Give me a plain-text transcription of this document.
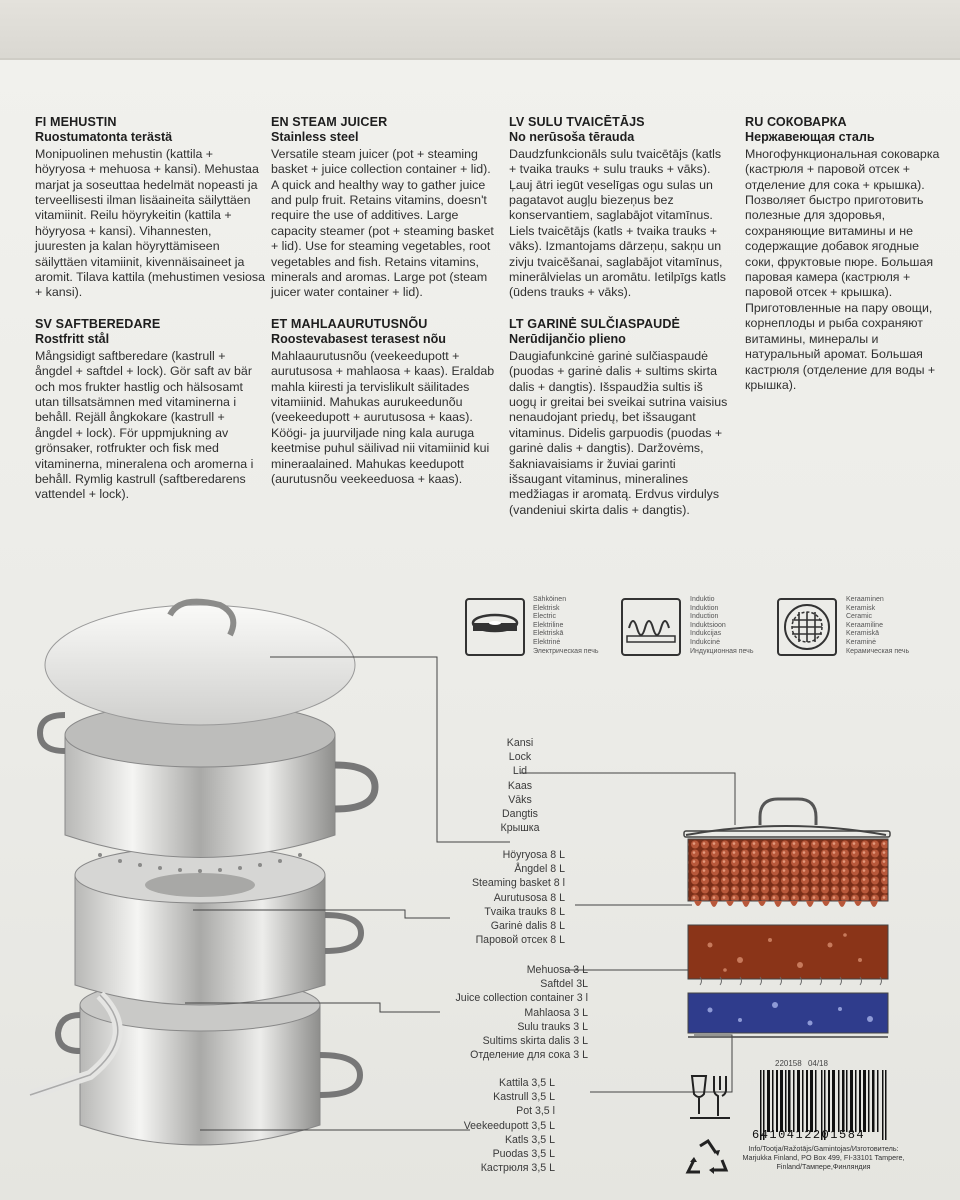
FI MEHUSTIN
Ruostumatonta terästä

Monipuolinen mehustin (kattila + höyryosa + mehuosa + kansi). Mehustaa marjat ja soseuttaa hedelmät nopeasti ja terveellisesti ilman lisäaineita säilyttäen vitamiinit. Reilu höyrykeitin (kattila + höyryosa + kansi). Vihannesten, juuresten ja kalan höyryttämiseen säilyttäen vitamiinit, kivennäisaineet ja aromit. Tilava kattila (mehustimen vesiosa + kansi).

SV SAFTBEREDARE
Rostfritt stål

Mångsidigt saftberedare (kastrull + ångdel + saftdel + lock). Gör saft av bär och mos frukter hastlig och hälsosamt utan tillsatsämnen med vitaminerna i behåll. Rejäll ångkokare (kastrull + ångdel + lock). För uppmjukning av grönsaker, rotfrukter och fisk med vitaminerna, mineralena och aromerna i behåll. Rymlig kastrull (saftberedarens vattendel + lock).

EN STEAM JUICER
Stainless steel

Versatile steam juicer (pot + steaming basket + juice collection container + lid). A quick and healthy way to gather juice and pulp fruit. Retains vitamins, doesn't require the use of additives. Large capacity steamer (pot + steaming basket + lid). Use for steaming vegetables, root vegetables and fish. Retains vitamins, minerals and aromas. Large pot (steam juicer water container + lid).

ET MAHLAAURUTUSNÕU
Roostevabasest terasest nõu

Mahlaaurutusnõu (veekeedupott + aurutusosa + mahlaosa + kaas). Eraldab mahla kiiresti ja tervislikult säilitades vitamiinid. Mahukas aurukeedunõu (veekeedupott + aurutusosa + kaas). Köögi- ja juurviljade ning kala auruga keetmise puhul säilivad nii vitamiinid kui mineraalained. Mahukas keedupott (aurutusnõu veekeeduosa + kaas).

LV SULU TVAICĒTĀJS
No nerūsoša tērauda

Daudzfunkcionāls sulu tvaicētājs (katls + tvaika trauks + sulu trauks + vāks). Ļauj ātri iegūt veselīgas ogu sulas un pagatavot augļu biezeņus bez konservantiem, saglabājot vitamīnus. Liels tvaicētājs (katls + tvaika trauks + vāks). Izmantojams dārzeņu, sakņu un zivju tvaicēšanai, saglabājot vitamīnus, minerālvielas un aromātu. Ietilpīgs katls (ūdens trauks + vāks).

LT GARINĖ SULČIASPAUDĖ
Nerūdijančio plieno

Daugiafunkcinė garinė sulčiaspaudė (puodas + garinė dalis + sultims skirta dalis + dangtis). Išspaudžia sultis iš uogų ir greitai bei sveikai sutrina vaisius nenaudojant priedų, bet išsaugant vitaminus. Didelis garpuodis (puodas + garinė dalis + dangtis). Daržovėms, šakniavaisiams ir žuviai garinti išsaugant vitaminus, mineralines medžiagas ir aromatą. Erdvus virdulys (vandeniui skirta dalis + dangtis).

RU СОКОВАРКА
Нержавеющая сталь

Многофункциональная соковарка (кастрюля + паровой отсек + отделение для сока + крышка). Позволяет быстро приготовить полезные для здоровья, сохраняющие витамины и не содержащие добавок ягодные соки, фруктовые пюре. Большая паровая камера (кастрюля + паровой отсек + крышка). Приготовленные на пару овощи, корнеплоды и рыба сохраняют витамины, минералы и натуральный аромат. Большая кастрюля (отделение для воды + крышка).

Sähköinen
Elektrisk
Electric
Elektriline
Elektriskā
Elektrinė
Электрическая печь
Induktio
Induktion
Induction
Induktsioon
Indukcijas
Indukcinė
Индукционная печь
Keraaminen
Keramisk
Ceramic
Keraamiline
Keramiskā
Keraminė
Керамическая печь
Kansi
Lock
Lid
Kaas
Vāks
Dangtis
Крышка
Höyryosa 8 L
Ångdel 8 L
Steaming basket 8 l
Aurutusosa 8 L
Tvaika trauks 8 L
Garinė dalis 8 L
Паровой отсек 8 L
Mehuosa 3 L
Saftdel 3L
Juice collection container 3 l
Mahlaosa 3 L
Sulu trauks 3 L
Sultims skirta dalis 3 L
Отделение для сока 3 L
Kattila 3,5 L
Kastrull 3,5 L
Pot 3,5 l
Veekeedupott 3,5 L
Katls 3,5 L
Puodas 3,5 L
Кастрюля 3,5 L
220158 04/18
6410412201584
Info/Tootja/Ražotājs/Gamintojas/Изготовитель: Marjukka Finland, PO Box 499, FI-33101 Tampere, Finland/Тампере,Финляндия
